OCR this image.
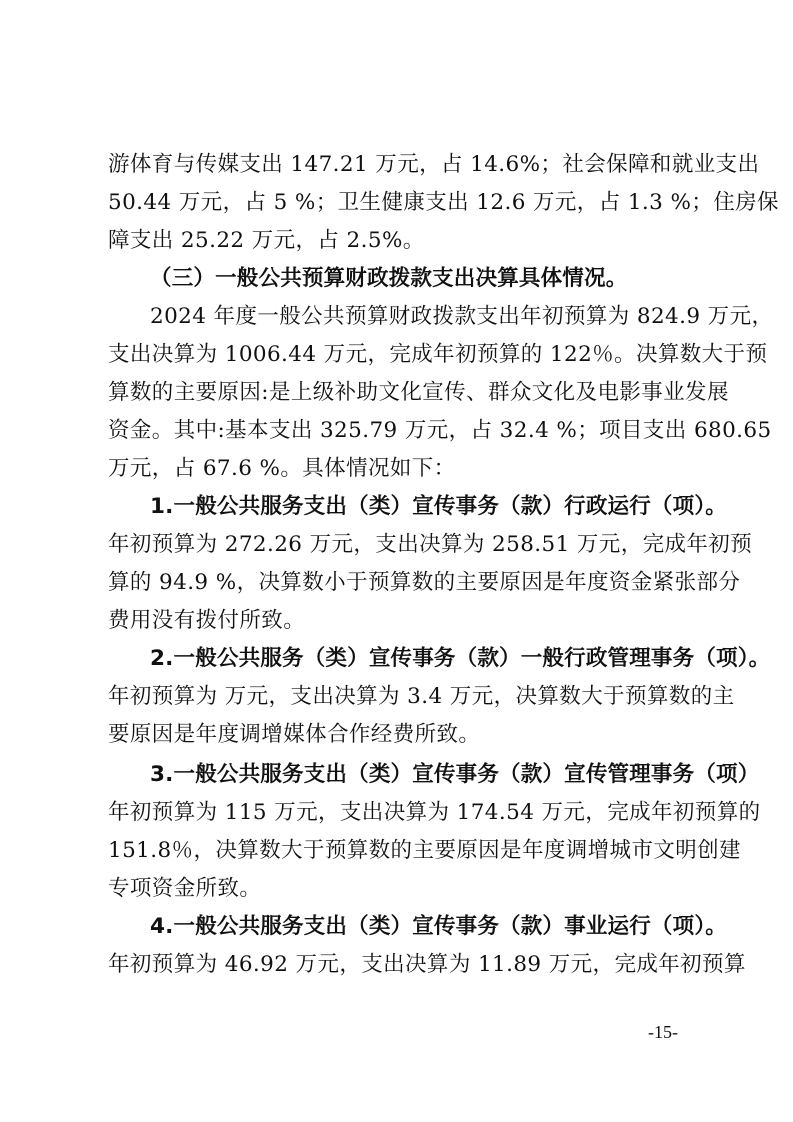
游体育与传媒支出 147.21 万元，占 14.6%；社会保障和就业支出
50.44 万元，占 5 %；卫生健康支出 12.6 万元，占 1.3 %；住房保
障支出 25.22 万元，占 2.5%。
（三）一般公共预算财政拨款支出决算具体情况。
2024 年度一般公共预算财政拨款支出年初预算为 824.9 万元，
支出决算为 1006.44 万元，完成年初预算的 122％。决算数大于预
算数的主要原因:是上级补助文化宣传、群众文化及电影事业发展
资金。其中:基本支出 325.79 万元，占 32.4 %；项目支出 680.65
万元，占 67.6 %。具体情况如下：
1.一般公共服务支出（类）宣传事务（款）行政运行（项）。
年初预算为 272.26 万元，支出决算为 258.51 万元，完成年初预
算的 94.9 %，决算数小于预算数的主要原因是年度资金紧张部分
费用没有拨付所致。
2.一般公共服务（类）宣传事务（款）一般行政管理事务（项）。
年初预算为 万元，支出决算为 3.4 万元，决算数大于预算数的主
要原因是年度调增媒体合作经费所致。
3.一般公共服务支出（类）宣传事务（款）宣传管理事务（项）
年初预算为 115 万元，支出决算为 174.54 万元，完成年初预算的
151.8％，决算数大于预算数的主要原因是年度调增城市文明创建
专项资金所致。
4.一般公共服务支出（类）宣传事务（款）事业运行（项）。
年初预算为 46.92 万元，支出决算为 11.89 万元，完成年初预算
-15-
